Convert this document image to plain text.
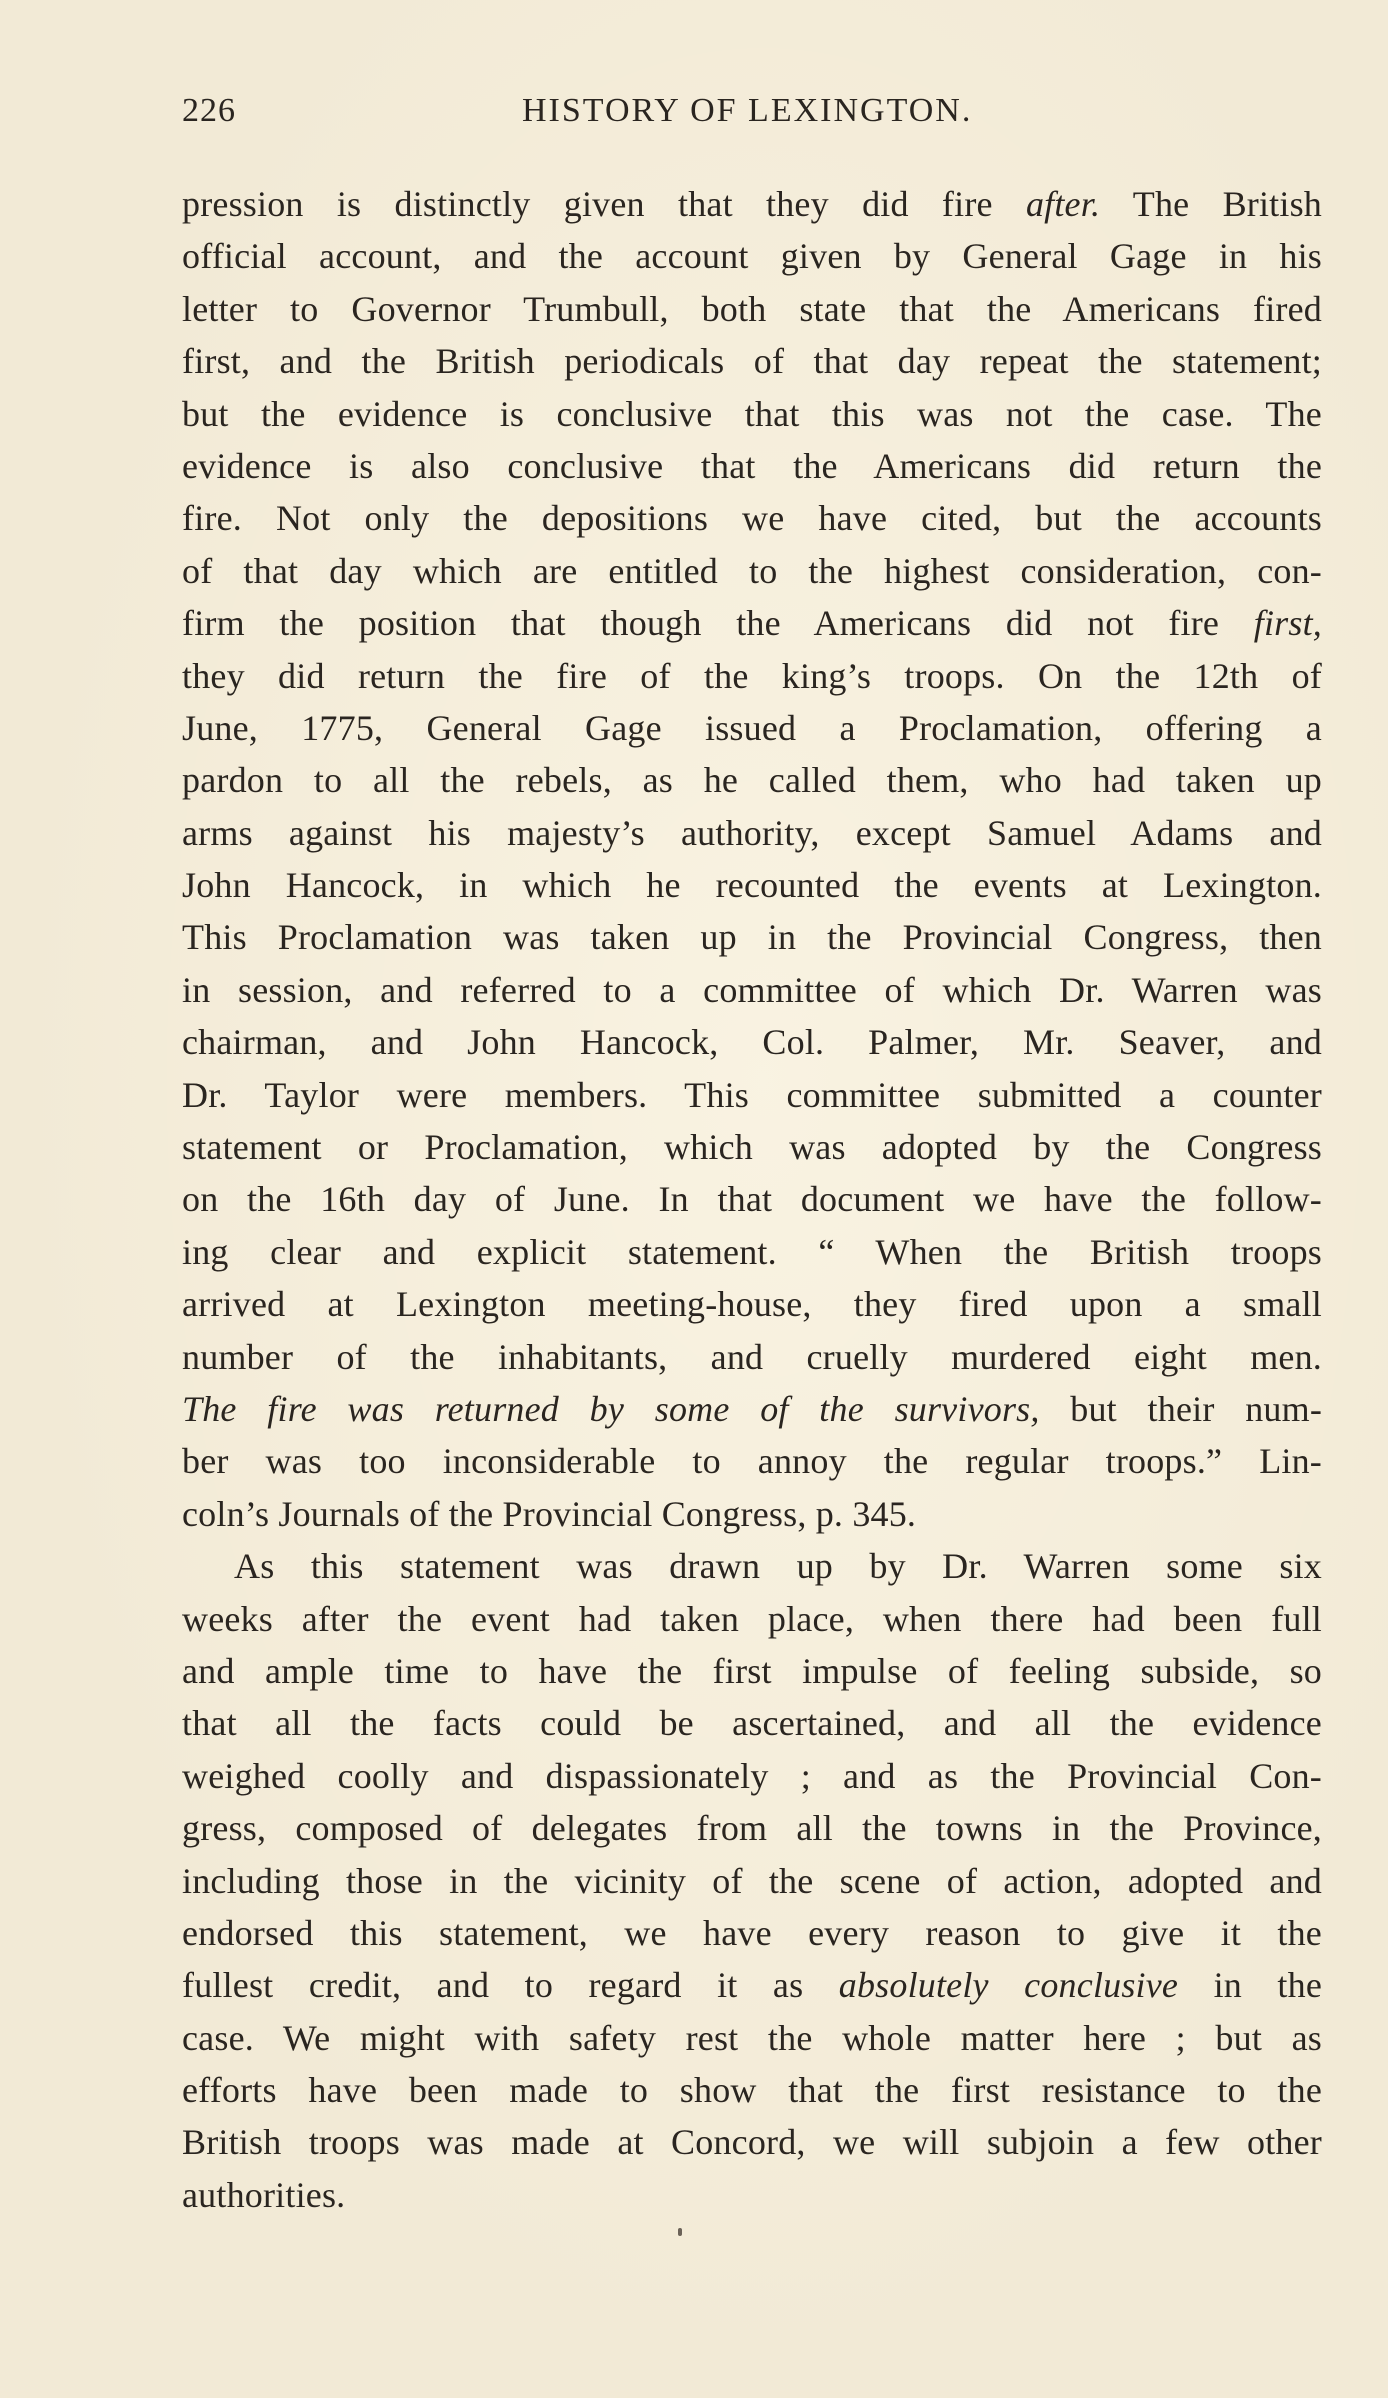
226	HISTORY OF LEXINGTON.
pression is distinctly given that they did fire after. The British
official account, and the account given by General Gage in his
letter to Governor Trumbull, both state that the Americans fired
first, and the British periodicals of that day repeat the statement;
but the evidence is conclusive that this was not the case. The
evidence is also conclusive that the Americans did return the
fire. Not only the depositions we have cited, but the accounts
of that day which are entitled to the highest consideration, con-
firm the position that though the Americans did not fire first,
they did return the fire of the king’s troops. On the 12th of
June, 1775, General Gage issued a Proclamation, offering a
pardon to all the rebels, as he called them, who had taken up
arms against his majesty’s authority, except Samuel Adams and
John Hancock, in which he recounted the events at Lexington.
This Proclamation was taken up in the Provincial Congress, then
in session, and referred to a committee of which Dr. Warren was
chairman, and John Hancock, Col. Palmer, Mr. Seaver, and
Dr. Taylor were members. This committee submitted a counter
statement or Proclamation, which was adopted by the Congress
on the 16th day of June. In that document we have the follow-
ing clear and explicit statement. “ When the British troops
arrived at Lexington meeting-house, they fired upon a small
number of the inhabitants, and cruelly murdered eight men.
The fire was returned by some of the survivors, but their num-
ber was too inconsiderable to annoy the regular troops.” Lin-
coln’s Journals of the Provincial Congress, p. 345.
As this statement was drawn up by Dr. Warren some six
weeks after the event had taken place, when there had been full
and ample time to have the first impulse of feeling subside, so
that all the facts could be ascertained, and all the evidence
weighed coolly and dispassionately ; and as the Provincial Con-
gress, composed of delegates from all the towns in the Province,
including those in the vicinity of the scene of action, adopted and
endorsed this statement, we have every reason to give it the
fullest credit, and to regard it as absolutely conclusive in the
case. We might with safety rest the whole matter here ; but as
efforts have been made to show that the first resistance to the
British troops was made at Concord, we will subjoin a few other
authorities.
